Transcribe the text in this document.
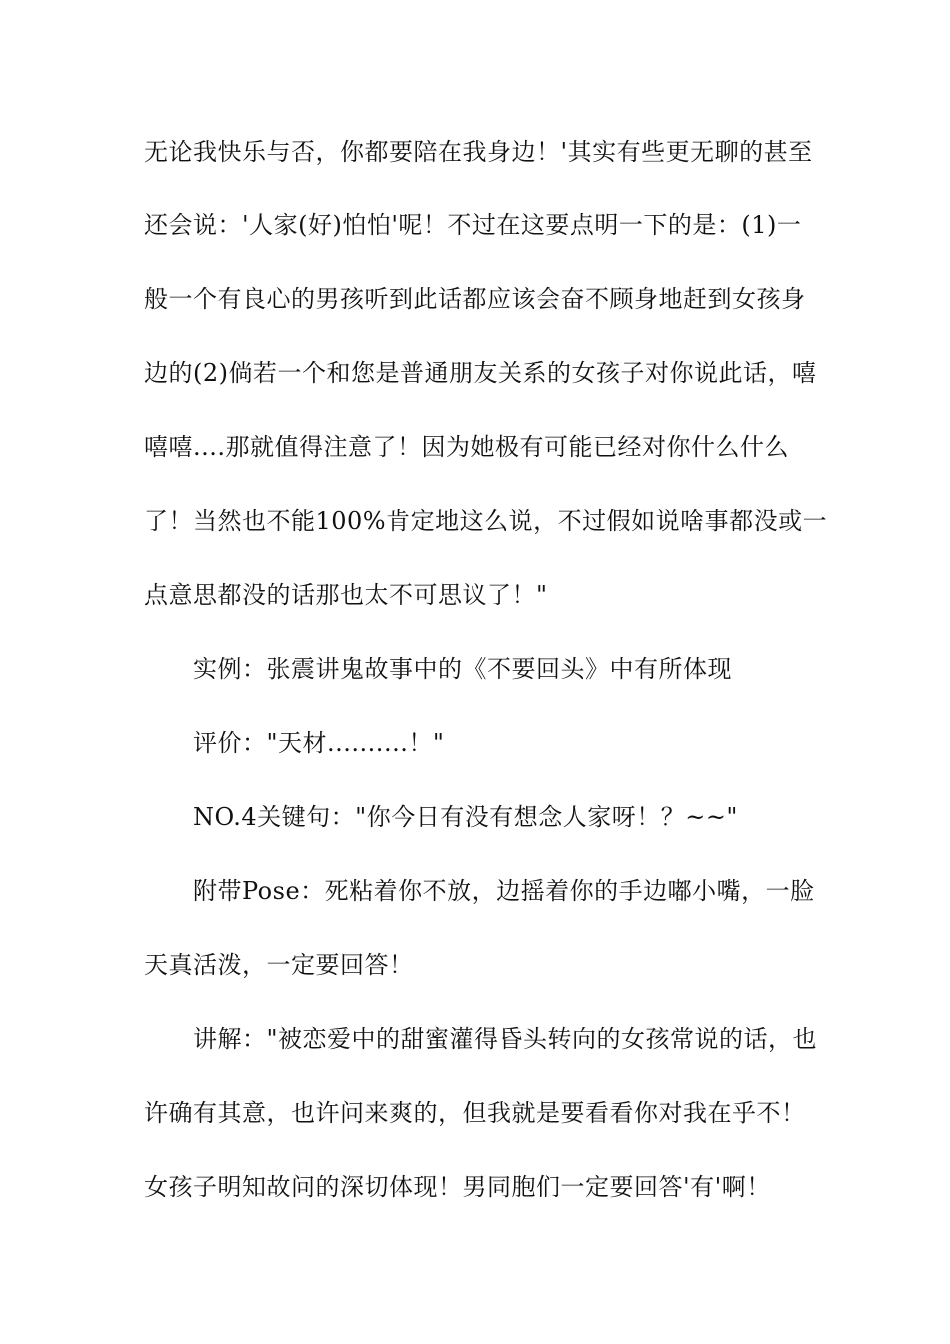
无论我快乐与否，你都要陪在我身边！'其实有些更无聊的甚至
还会说：'人家(好)怕怕'呢！不过在这要点明一下的是：(1)一
般一个有良心的男孩听到此话都应该会奋不顾身地赶到女孩身
边的(2)倘若一个和您是普通朋友关系的女孩子对你说此话，嘻
嘻嘻....那就值得注意了！因为她极有可能已经对你什么什么
了！当然也不能100%肯定地这么说，不过假如说啥事都没或一
点意思都没的话那也太不可思议了！"
实例：张震讲鬼故事中的《不要回头》中有所体现
评价："天材..........！"
NO.4关键句："你今日有没有想念人家呀！？~~"
附带Pose：死粘着你不放，边摇着你的手边嘟小嘴，一脸
天真活泼，一定要回答！
讲解："被恋爱中的甜蜜灌得昏头转向的女孩常说的话，也
许确有其意，也许问来爽的，但我就是要看看你对我在乎不！
女孩子明知故问的深切体现！男同胞们一定要回答'有'啊！
